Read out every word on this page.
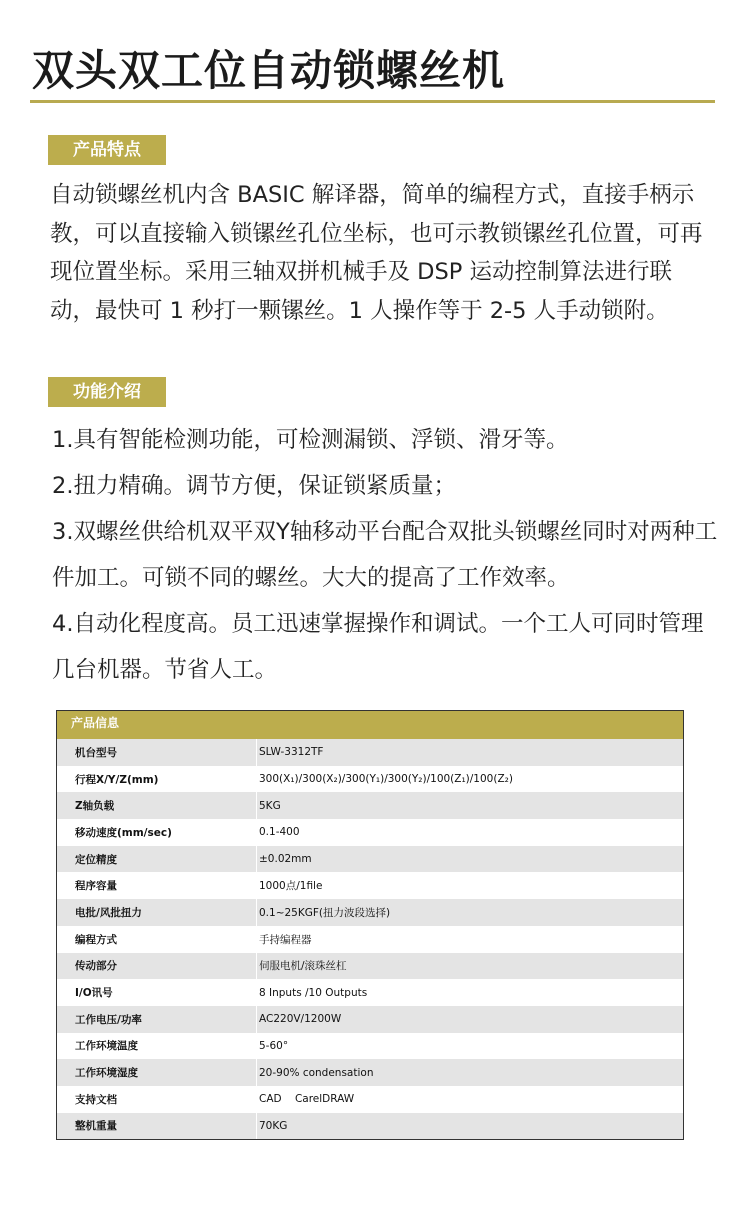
双头双工位自动锁螺丝机
产品特点

自动锁螺丝机内含 BASIC 解译器，简单的编程方式，直接手柄示教，可以直接输入锁镙丝孔位坐标，也可示教锁镙丝孔位置，可再现位置坐标。采用三轴双拼机械手及 DSP 运动控制算法进行联动，最快可 1 秒打一颗镙丝。1 人操作等于 2-5 人手动锁附。

功能介绍
1.具有智能检测功能，可检测漏锁、浮锁、滑牙等。
2.扭力精确。调节方便，保证锁紧质量；
3.双螺丝供给机双平双Y轴移动平台配合双批头锁螺丝同时对两种工件加工。可锁不同的螺丝。大大的提高了工作效率。
4.自动化程度高。员工迅速掌握操作和调试。一个工人可同时管理几台机器。节省人工。
产品信息
机台型号	SLW-3312TF
行程X/Y/Z(mm)	300(X₁)/300(X₂)/300(Y₁)/300(Y₂)/100(Z₁)/100(Z₂)
Z轴负载	5KG
移动速度(mm/sec)	0.1-400
定位精度	±0.02mm
程序容量	1000点/1file
电批/风批扭力	0.1~25KGF(扭力波段选择)
编程方式	手持编程器
传动部分	伺服电机/滚珠丝杠
I/O讯号	8 Inputs /10 Outputs
工作电压/功率	AC220V/1200W
工作环境温度	5-60°
工作环境湿度	20-90% condensation
支持文档	CAD    CarelDRAW
整机重量	70KG
